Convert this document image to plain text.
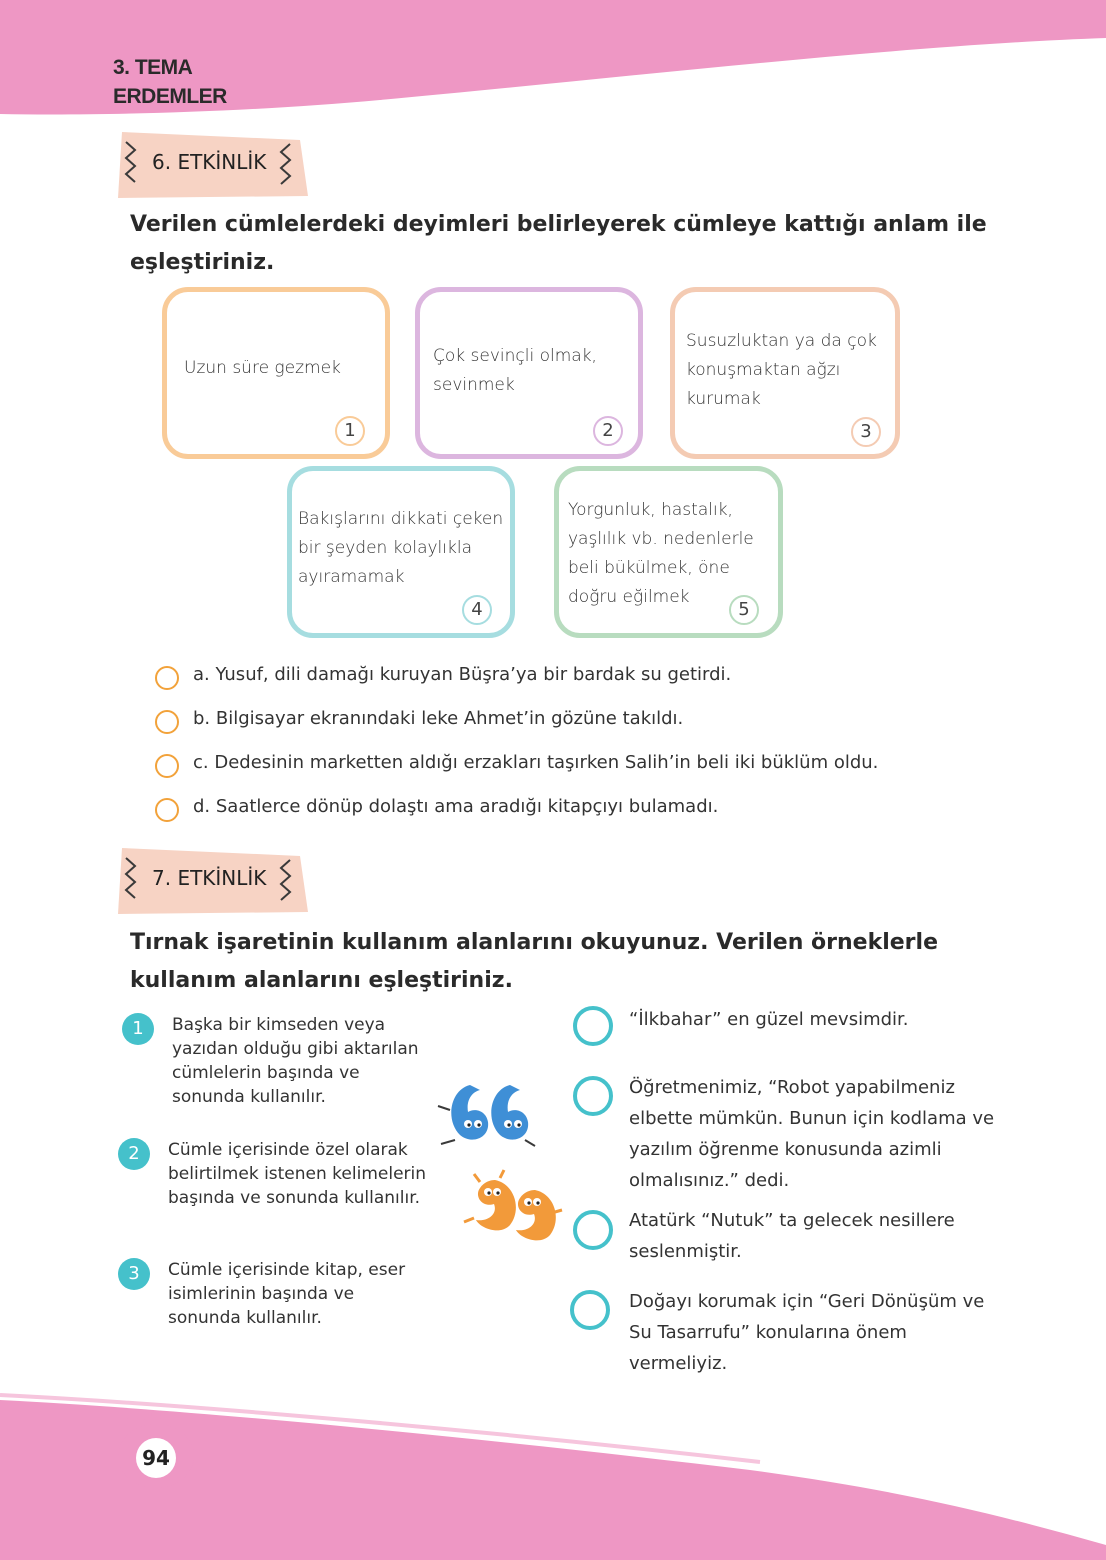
3. TEMA
ERDEMLER
6. ETKİNLİK
Verilen cümlelerdeki deyimleri belirleyerek cümleye kattığı anlam ile eşleştiriniz.
Uzun süre gezmek
1
Çok sevinçli olmak, sevinmek
2
Susuzluktan ya da çok konuşmaktan ağzı kurumak
3
Bakışlarını dikkati çeken bir şeyden kolaylıkla ayıramamak
4
Yorgunluk, hastalık, yaşlılık vb. nedenlerle beli bükülmek, öne doğru eğilmek
5
a. Yusuf, dili damağı kuruyan Büşra’ya bir bardak su getirdi.
b. Bilgisayar ekranındaki leke Ahmet’in gözüne takıldı.
c. Dedesinin marketten aldığı erzakları taşırken Salih’in beli iki büklüm oldu.
d. Saatlerce dönüp dolaştı ama aradığı kitapçıyı bulamadı.
7. ETKİNLİK
Tırnak işaretinin kullanım alanlarını okuyunuz. Verilen örneklerle kullanım alanlarını eşleştiriniz.
1	Başka bir kimseden veya yazıdan olduğu gibi aktarılan cümlelerin başında ve sonunda kullanılır.
2	Cümle içerisinde özel olarak belirtilmek istenen kelimelerin başında ve sonunda kullanılır.
3	Cümle içerisinde kitap, eser isimlerinin başında ve sonunda kullanılır.
“İlkbahar” en güzel mevsimdir.
Öğretmenimiz, “Robot yapabilmeniz elbette mümkün. Bunun için kodlama ve yazılım öğrenme konusunda azimli olmalısınız.” dedi.
Atatürk “Nutuk” ta gelecek nesillere seslenmiştir.
Doğayı korumak için “Geri Dönüşüm ve Su Tasarrufu” konularına önem vermeliyiz.
94
